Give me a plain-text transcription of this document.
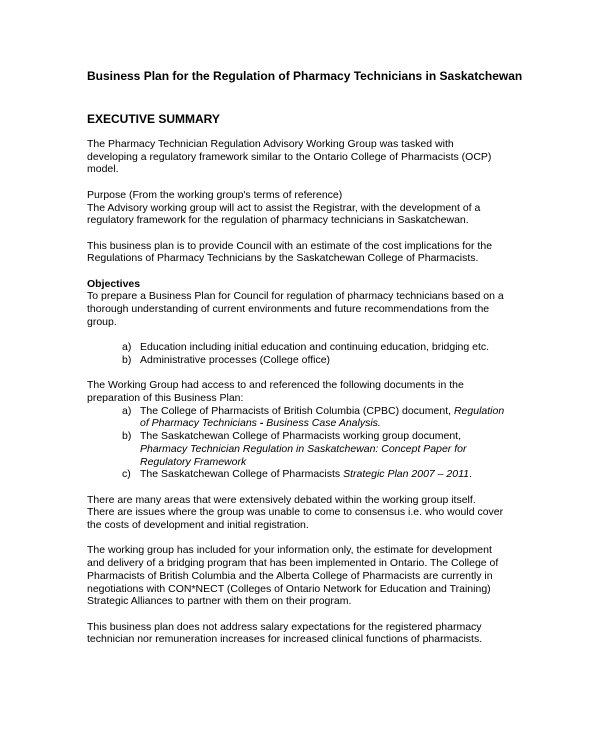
Business Plan for the Regulation of Pharmacy Technicians in Saskatchewan
EXECUTIVE SUMMARY

The Pharmacy Technician Regulation Advisory Working Group was tasked with

developing a regulatory framework similar to the Ontario College of Pharmacists (OCP)

model.

Purpose (From the working group's terms of reference)

The Advisory working group will act to assist the Registrar, with the development of a

regulatory framework for the regulation of pharmacy technicians in Saskatchewan.

This business plan is to provide Council with an estimate of the cost implications for the

Regulations of Pharmacy Technicians by the Saskatchewan College of Pharmacists.

Objectives

To prepare a Business Plan for Council for regulation of pharmacy technicians based on a

thorough understanding of current environments and future recommendations from the

group.

a) Education including initial education and continuing education, bridging etc.
b) Administrative processes (College office)

The Working Group had access to and referenced the following documents in the

preparation of this Business Plan:

a) The College of Pharmacists of British Columbia (CPBC) document, Regulation
of Pharmacy Technicians - Business Case Analysis.
b) The Saskatchewan College of Pharmacists working group document,
Pharmacy Technician Regulation in Saskatchewan: Concept Paper for
Regulatory Framework
c) The Saskatchewan College of Pharmacists Strategic Plan 2007 – 2011.

There are many areas that were extensively debated within the working group itself.

There are issues where the group was unable to come to consensus i.e. who would cover

the costs of development and initial registration.

The working group has included for your information only, the estimate for development

and delivery of a bridging program that has been implemented in Ontario. The College of

Pharmacists of British Columbia and the Alberta College of Pharmacists are currently in

negotiations with CON*NECT (Colleges of Ontario Network for Education and Training)

Strategic Alliances to partner with them on their program.

This business plan does not address salary expectations for the registered pharmacy

technician nor remuneration increases for increased clinical functions of pharmacists.
